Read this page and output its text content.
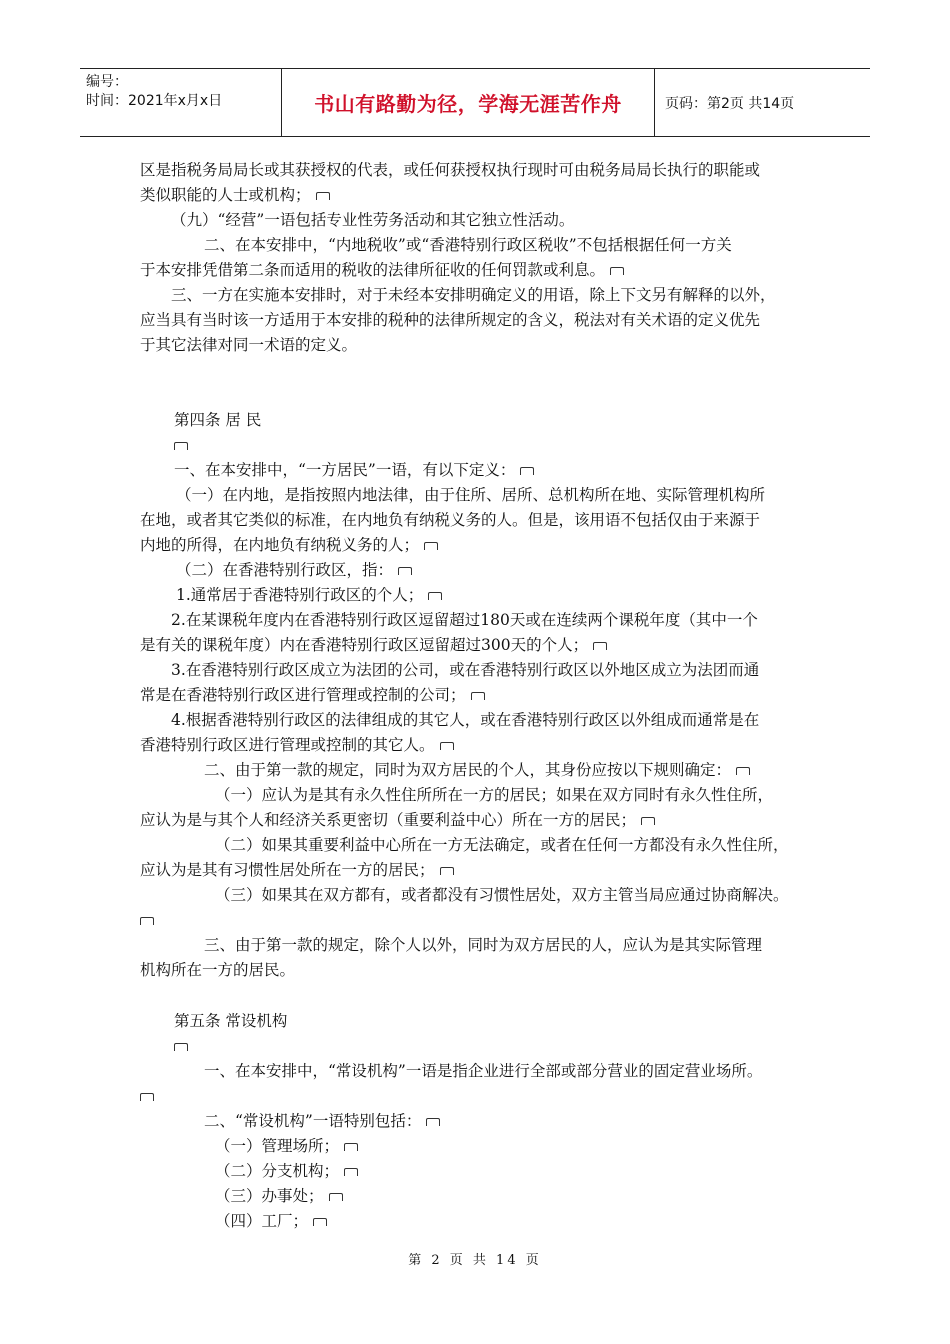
编号：
时间：2021年x月x日	书山有路勤为径，学海无涯苦作舟	页码：第2页 共14页
区是指税务局局长或其获授权的代表，或任何获授权执行现时可由税务局局长执行的职能或
类似职能的人士或机构；
（九）“经营”一语包括专业性劳务活动和其它独立性活动。
二、在本安排中，“内地税收”或“香港特别行政区税收”不包括根据任何一方关
于本安排凭借第二条而适用的税收的法律所征收的任何罚款或利息。
三、一方在实施本安排时，对于未经本安排明确定义的用语，除上下文另有解释的以外，
应当具有当时该一方适用于本安排的税种的法律所规定的含义，税法对有关术语的定义优先
于其它法律对同一术语的定义。
第四条 居 民
一、在本安排中，“一方居民”一语，有以下定义：
（一）在内地，是指按照内地法律，由于住所、居所、总机构所在地、实际管理机构所
在地，或者其它类似的标准，在内地负有纳税义务的人。但是，该用语不包括仅由于来源于
内地的所得，在内地负有纳税义务的人；
（二）在香港特别行政区，指：
1.通常居于香港特别行政区的个人；
2.在某课税年度内在香港特别行政区逗留超过180天或在连续两个课税年度（其中一个
是有关的课税年度）内在香港特别行政区逗留超过300天的个人；
3.在香港特别行政区成立为法团的公司，或在香港特别行政区以外地区成立为法团而通
常是在香港特别行政区进行管理或控制的公司；
4.根据香港特别行政区的法律组成的其它人，或在香港特别行政区以外组成而通常是在
香港特别行政区进行管理或控制的其它人。
二、由于第一款的规定，同时为双方居民的个人，其身份应按以下规则确定：
（一）应认为是其有永久性住所所在一方的居民；如果在双方同时有永久性住所，
应认为是与其个人和经济关系更密切（重要利益中心）所在一方的居民；
（二）如果其重要利益中心所在一方无法确定，或者在任何一方都没有永久性住所，
应认为是其有习惯性居处所在一方的居民；
（三）如果其在双方都有，或者都没有习惯性居处，双方主管当局应通过协商解决。
三、由于第一款的规定，除个人以外，同时为双方居民的人，应认为是其实际管理
机构所在一方的居民。
第五条 常设机构
一、在本安排中，“常设机构”一语是指企业进行全部或部分营业的固定营业场所。
二、“常设机构”一语特别包括：
（一）管理场所；
（二）分支机构；
（三）办事处；
（四）工厂；
第 2 页 共 14 页
